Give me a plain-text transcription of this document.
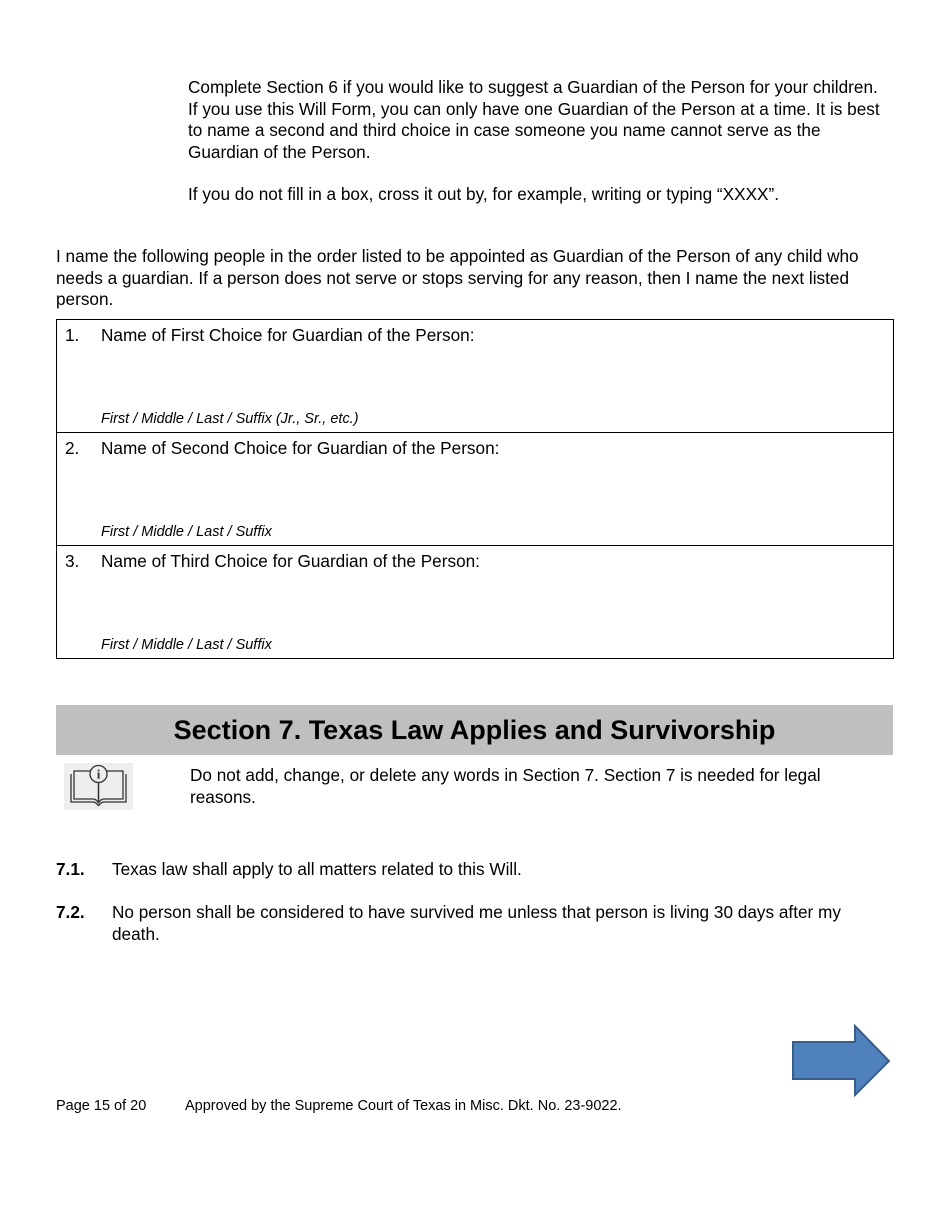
Complete Section 6 if you would like to suggest a Guardian of the Person for your children. If you use this Will Form, you can only have one Guardian of the Person at a time. It is best to name a second and third choice in case someone you name cannot serve as the Guardian of the Person.
If you do not fill in a box, cross it out by, for example, writing or typing “XXXX”.
I name the following people in the order listed to be appointed as Guardian of the Person of any child who needs a guardian. If a person does not serve or stops serving for any reason, then I name the next listed person.
1. Name of First Choice for Guardian of the Person:
First / Middle / Last / Suffix (Jr., Sr., etc.)
2. Name of Second Choice for Guardian of the Person:
First / Middle / Last / Suffix
3. Name of Third Choice for Guardian of the Person:
First / Middle / Last / Suffix
Section 7. Texas Law Applies and Survivorship
i	Do not add, change, or delete any words in Section 7. Section 7 is needed for legal reasons.
7.1. Texas law shall apply to all matters related to this Will.
7.2. No person shall be considered to have survived me unless that person is living 30 days after my death.
Page 15 of 20	Approved by the Supreme Court of Texas in Misc. Dkt. No. 23-9022.
